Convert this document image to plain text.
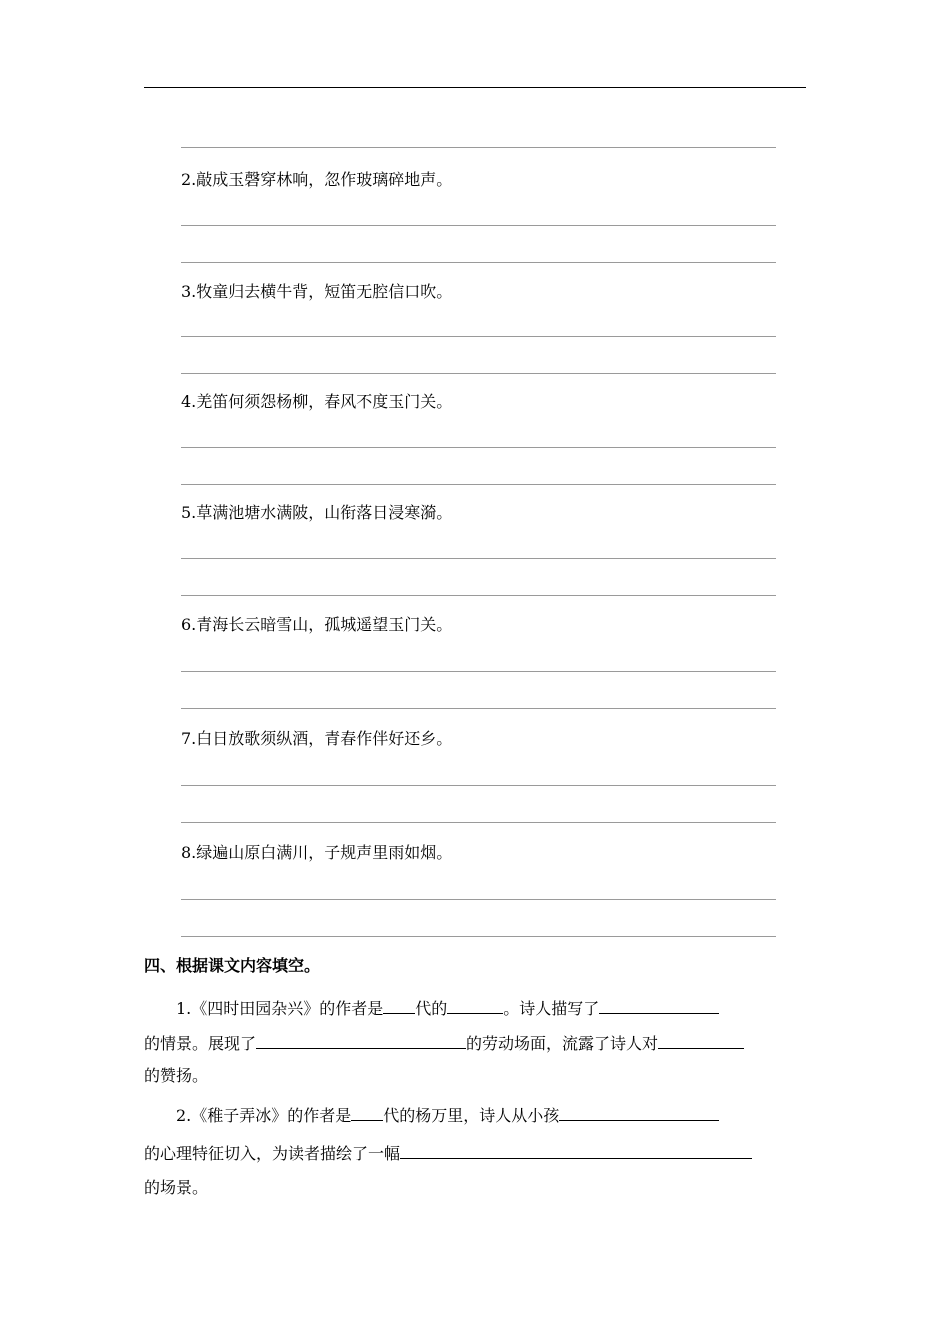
2.敲成玉磬穿林响，忽作玻璃碎地声。
3.牧童归去横牛背，短笛无腔信口吹。
4.羌笛何须怨杨柳，春风不度玉门关。
5.草满池塘水满陂，山衔落日浸寒漪。
6.青海长云暗雪山，孤城遥望玉门关。
7.白日放歌须纵酒，青春作伴好还乡。
8.绿遍山原白满川，子规声里雨如烟。
四、根据课文内容填空。
1.《四时田园杂兴》的作者是 代的	。诗人描写了
的情景。展现了	的劳动场面，流露了诗人对
的赞扬。
2.《稚子弄冰》的作者是 代的杨万里，诗人从小孩
的心理特征切入，为读者描绘了一幅
的场景。
